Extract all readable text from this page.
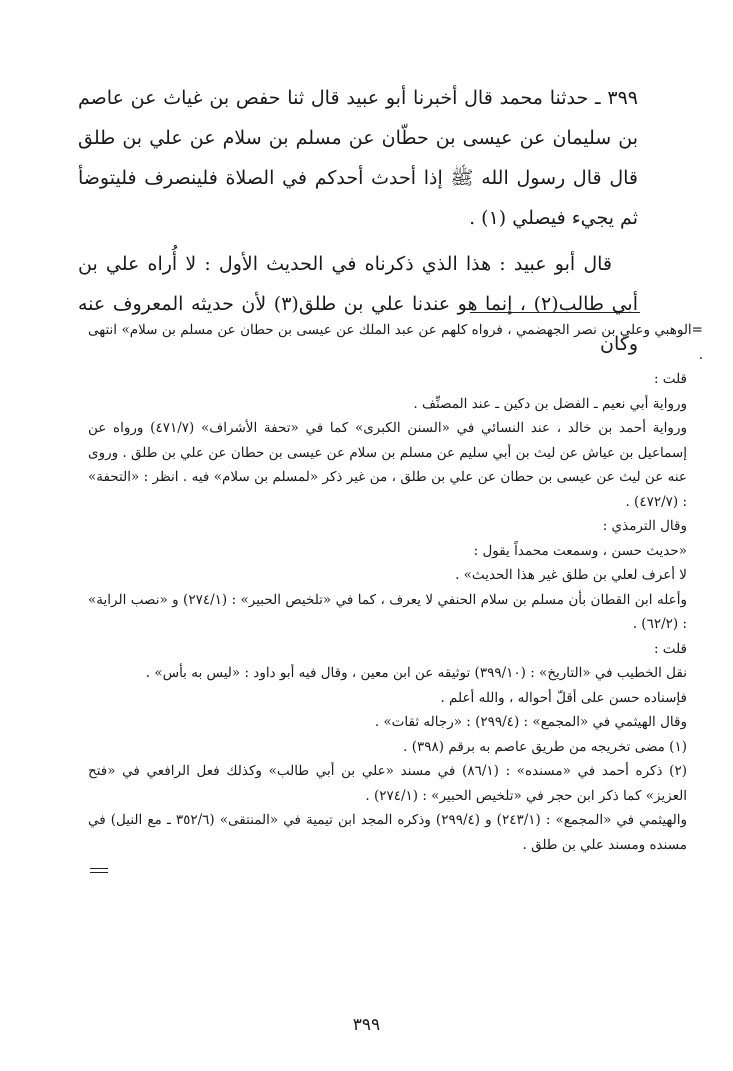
٣٩٩ ـ حدثنا محمد قال أخبرنا أبو عبيد قال ثنا حفص بن غياث عن عاصم بن سليمان عن عيسى بن حطّان عن مسلم بن سلام عن علي بن طلق قال قال رسول الله ﷺ إذا أحدث أحدكم في الصلاة فلينصرف فليتوضأ ثم يجيء فيصلي (١) .

قال أبو عبيد : هذا الذي ذكرناه في الحديث الأول : لا أُراه علي بن أبي طالب(٢) ، إنما هو عندنا علي بن طلق(٣) لأن حديثه المعروف عنه وكان

=الوهبي وعلي بن نصر الجهضمي ، فرواه كلهم عن عبد الملك عن عيسى بن حطان عن مسلم بن سلام» انتهى .
قلت :
ورواية أبي نعيم ـ الفضل بن دكين ـ عند المصنِّف .
ورواية أحمد بن خالد ، عند النسائي في «السنن الكبرى» كما في «تحفة الأشراف» (٤٧١/٧) ورواه عن إسماعيل بن عياش عن ليث بن أبي سليم عن مسلم بن سلام عن عيسى بن حطان عن علي بن طلق . وروى عنه عن ليث عن عيسى بن حطان عن علي بن طلق ، من غير ذكر «لمسلم بن سلام» فيه . انظر : «التحفة» : (٤٧٢/٧) .
وقال الترمذي :
«حديث حسن ، وسمعت محمداً يقول :
لا أعرف لعلي بن طلق غير هذا الحديث» .
وأعله ابن القطان بأن مسلم بن سلام الحنفي لا يعرف ، كما في «تلخيص الحبير» : (٢٧٤/١) و «نصب الراية» : (٦٢/٢) .
قلت :
نقل الخطيب في «التاريخ» : (٣٩٩/١٠) توثيقه عن ابن معين ، وقال فيه أبو داود : «ليس به بأس» .
فإسناده حسن على أقلّ أحواله ، والله أعلم .
وقال الهيثمي في «المجمع» : (٢٩٩/٤) : «رجاله ثقات» .
(١) مضى تخريجه من طريق عاصم به برقم (٣٩٨) .
(٢) ذكره أحمد في «مسنده» : (٨٦/١) في مسند «علي بن أبي طالب» وكذلك فعل الرافعي في «فتح العزيز» كما ذكر ابن حجر في «تلخيص الحبير» : (٢٧٤/١) .
والهيثمي في «المجمع» : (٢٤٣/١) و (٢٩٩/٤) وذكره المجد ابن تيمية في «المنتقى» (٣٥٢/٦ ـ مع النيل) في مسنده ومسند علي بن طلق .
٣٩٩
